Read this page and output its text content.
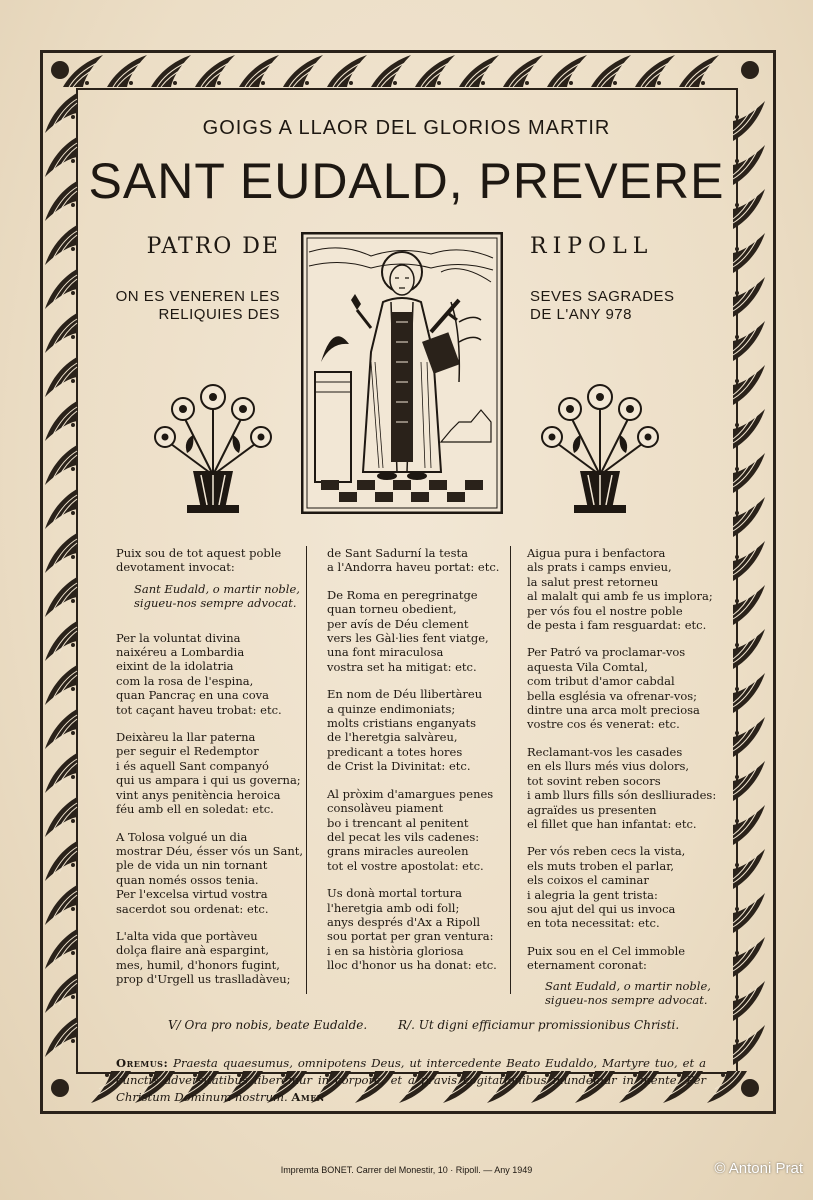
GOIGS A LLAOR DEL GLORIOS MARTIR
SANT EUDALD, PREVERE
PATRO DE	RIPOLL
ON ES VENEREN LES
RELIQUIES DES
SEVES SAGRADES
DE L'ANY 978
Puix sou de tot aquest poble
devotament invocat:
Sant Eudald, o martir noble,
sigueu-nos sempre advocat.
Per la voluntat divina
naixéreu a Lombardia
eixint de la idolatria
com la rosa de l'espina,
quan Pancraç en una cova
tot caçant haveu trobat: etc.
Deixàreu la llar paterna
per seguir el Redemptor
i és aquell Sant companyó
qui us ampara i qui us governa;
vint anys penitència heroica
féu amb ell en soledat: etc.
A Tolosa volgué un dia
mostrar Déu, ésser vós un Sant,
ple de vida un nin tornant
quan només ossos tenia.
Per l'excelsa virtud vostra
sacerdot sou ordenat: etc.
L'alta vida que portàveu
dolça flaire anà espargint,
mes, humil, d'honors fugint,
prop d'Urgell us traslladàveu;
de Sant Sadurní la testa
a l'Andorra haveu portat: etc.
De Roma en peregrinatge
quan torneu obedient,
per avís de Déu clement
vers les Gàl·lies fent viatge,
una font miraculosa
vostra set ha mitigat: etc.
En nom de Déu llibertàreu
a quinze endimoniats;
molts cristians enganyats
de l'heretgia salvàreu,
predicant a totes hores
de Crist la Divinitat: etc.
Al pròxim d'amargues penes
consolàveu piament
bo i trencant al penitent
del pecat les vils cadenes:
grans miracles aureolen
tot el vostre apostolat: etc.
Us donà mortal tortura
l'heretgia amb odi foll;
anys després d'Ax a Ripoll
sou portat per gran ventura:
i en sa història gloriosa
lloc d'honor us ha donat: etc.
Aigua pura i benfactora
als prats i camps envieu,
la salut prest retorneu
al malalt qui amb fe us implora;
per vós fou el nostre poble
de pesta i fam resguardat: etc.
Per Patró va proclamar-vos
aquesta Vila Comtal,
com tribut d'amor cabdal
bella església va ofrenar-vos;
dintre una arca molt preciosa
vostre cos és venerat: etc.
Reclamant-vos les casades
en els llurs més vius dolors,
tot sovint reben socors
i amb llurs fills són deslliurades:
agraïdes us presenten
el fillet que han infantat: etc.
Per vós reben cecs la vista,
els muts troben el parlar,
els coixos el caminar
i alegria la gent trista:
sou ajut del qui us invoca
en tota necessitat: etc.
Puix sou en el Cel immoble
eternament coronat:
Sant Eudald, o martir noble,
sigueu-nos sempre advocat.
V/ Ora pro nobis, beate Eudalde.	R/. Ut digni efficiamur promissionibus Christi.
Oremus: Praesta quaesumus, omnipotens Deus, ut intercedente Beato Eudaldo, Martyre tuo, et a cunctis adversitatibus liberemur in corpore, et a pravis cogitationibus mundemur in mente. Per Christum Dominum nostrum. Amen
Impremta BONET. Carrer del Monestir, 10 · Ripoll. — Any 1949	© Antoni Prat
